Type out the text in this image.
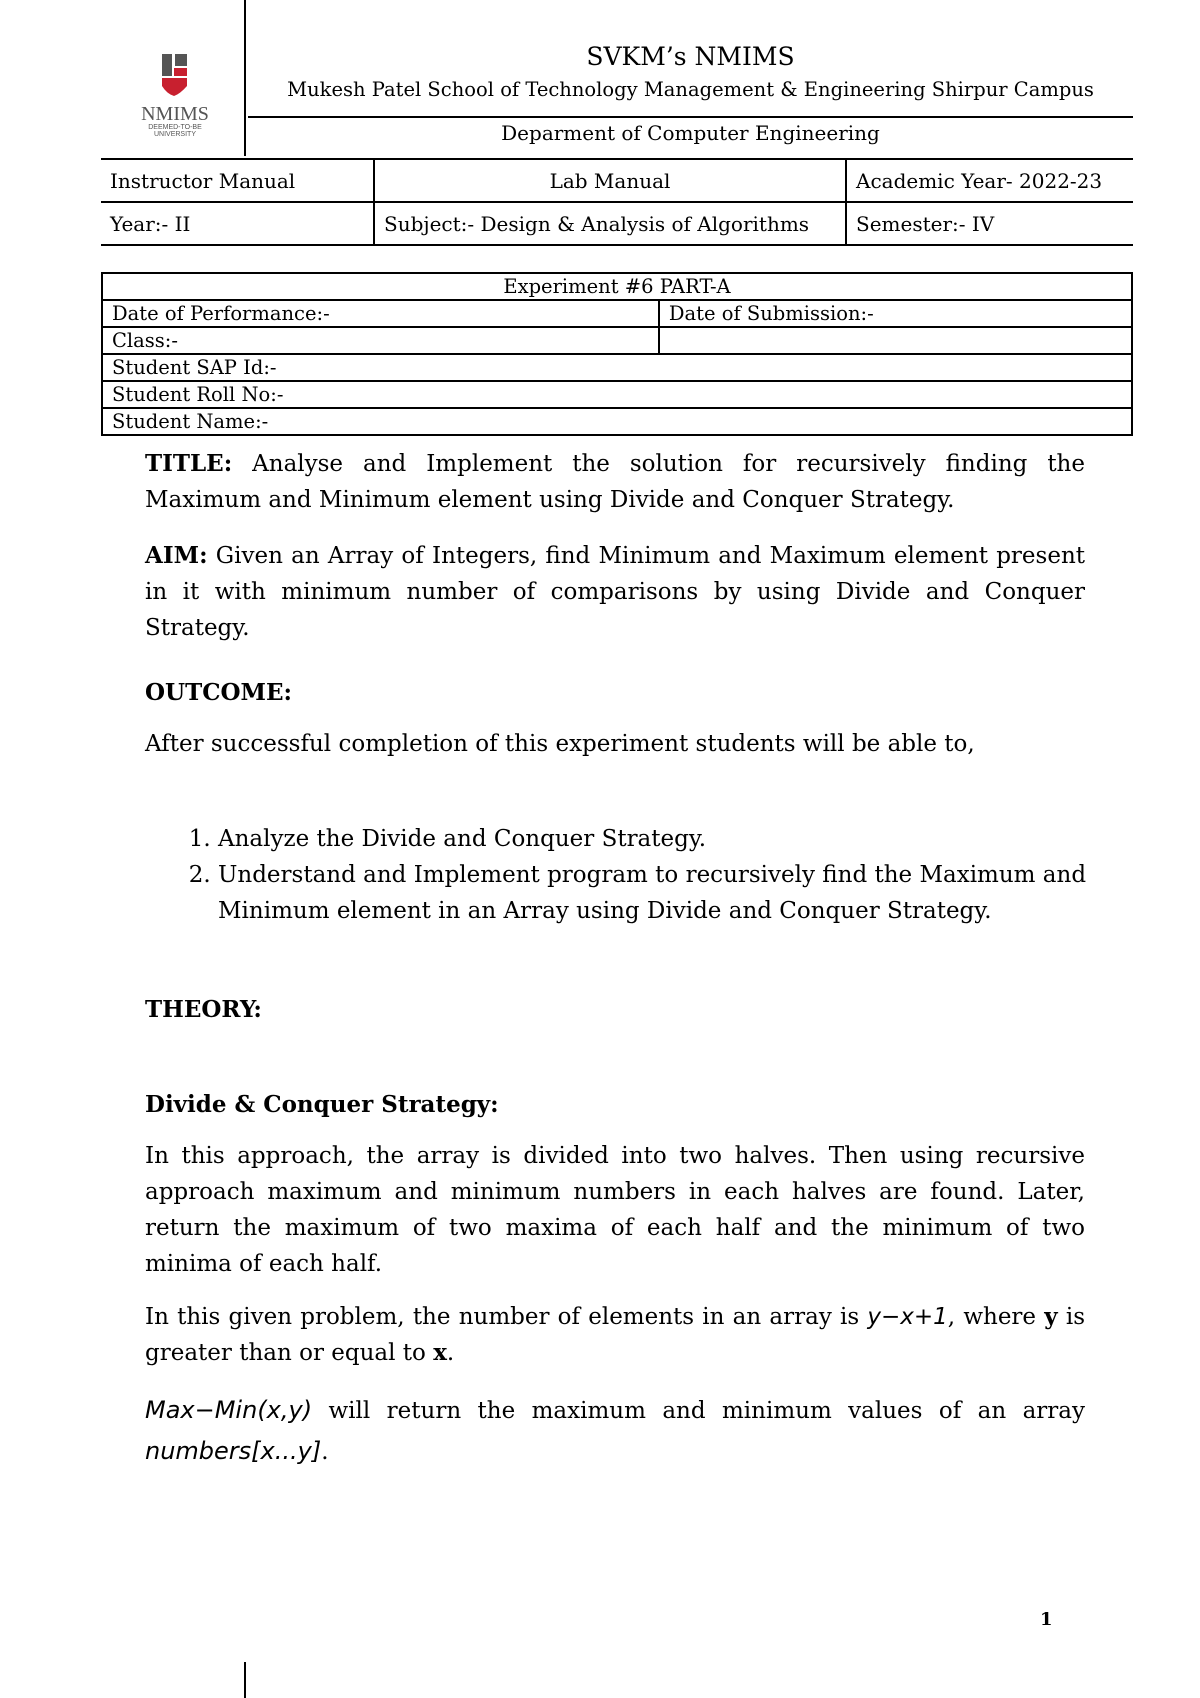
NMIMS
DEEMED-TO-BE UNIVERSITY
SVKM’s NMIMS
Mukesh Patel School of Technology Management & Engineering Shirpur Campus
Deparment of Computer Engineering
Instructor Manual	Lab Manual	Academic Year- 2022-23
Year:- II	Subject:- Design & Analysis of Algorithms	Semester:- IV
Experiment #6 PART-A	
Date of Performance:-	Date of Submission:-
Class:-	
Student SAP Id:-	
Student Roll No:-	
Student Name:-	
TITLE: Analyse and Implement the solution for recursively finding the Maximum and Minimum element using Divide and Conquer Strategy.
AIM: Given an Array of Integers, find Minimum and Maximum element present in it with minimum number of comparisons by using Divide and Conquer Strategy.
OUTCOME:
After successful completion of this experiment students will be able to,
1. Analyze the Divide and Conquer Strategy.
2. Understand and Implement program to recursively find the Maximum and Minimum element in an Array using Divide and Conquer Strategy.
THEORY:
Divide & Conquer Strategy:
In this approach, the array is divided into two halves. Then using recursive approach maximum and minimum numbers in each halves are found. Later, return the maximum of two maxima of each half and the minimum of two minima of each half.
In this given problem, the number of elements in an array is y−x+1, where y is greater than or equal to x.
Max−Min(x,y) will return the maximum and minimum values of an array numbers[x...y].
1
